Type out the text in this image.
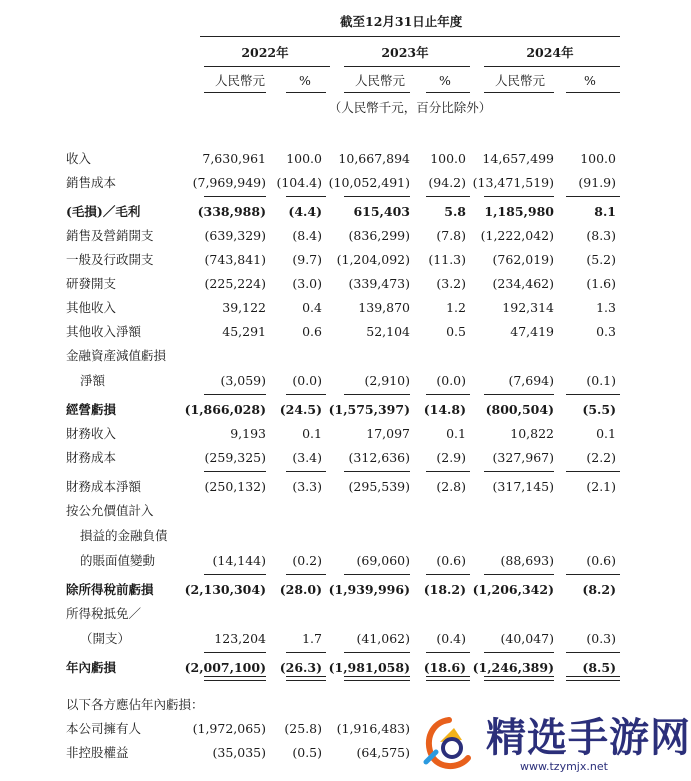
截至12月31日止年度
2022年	2023年	2024年
人民幣元	%	人民幣元	%	人民幣元	%
（人民幣千元，百分比除外）
收入	7,630,961 100.0 10,667,894 100.0 14,657,499 100.0
銷售成本	(7,969,949) (104.4) (10,052,491) (94.2) (13,471,519) (91.9)
(毛損)／毛利	(338,988) (4.4)	615,403	5.8 1,185,980	8.1
銷售及營銷開支	(639,329) (8.4) (836,299) (7.8) (1,222,042)	(8.3)
一般及行政開支	(743,841) (9.7) (1,204,092) (11.3) (762,019)	(5.2)
研發開支	(225,224) (3.0) (339,473) (3.2) (234,462)	(1.6)
其他收入	39,122	0.4	139,870	1.2	192,314	1.3
其他收入淨額	45,291	0.6	52,104	0.5	47,419	0.3
金融資產減值虧損
淨額	(3,059) (0.0)	(2,910) (0.0)	(7,694)	(0.1)
經營虧損	(1,866,028) (24.5) (1,575,397) (14.8) (800,504) (5.5)
財務收入	9,193	0.1	17,097	0.1	10,822	0.1
財務成本	(259,325) (3.4) (312,636) (2.9) (327,967)	(2.2)
財務成本淨額	(250,132) (3.3) (295,539) (2.8) (317,145)	(2.1)
按公允價值計入
損益的金融負債
的賬面值變動	(14,144) (0.2)	(69,060) (0.6)	(88,693)	(0.6)
除所得稅前虧損 (2,130,304) (28.0) (1,939,996) (18.2) (1,206,342) (8.2)
所得稅抵免／
（開支）	123,204	1.7	(41,062) (0.4)	(40,047)	(0.3)
年內虧損	(2,007,100) (26.3) (1,981,058) (18.6) (1,246,389) (8.5)
以下各方應佔年內虧損：
本公司擁有人	(1,972,065) (25.8) (1,916,483)
非控股權益	(35,035) (0.5)	(64,575) 精选手游网
www.tzymjx.net
